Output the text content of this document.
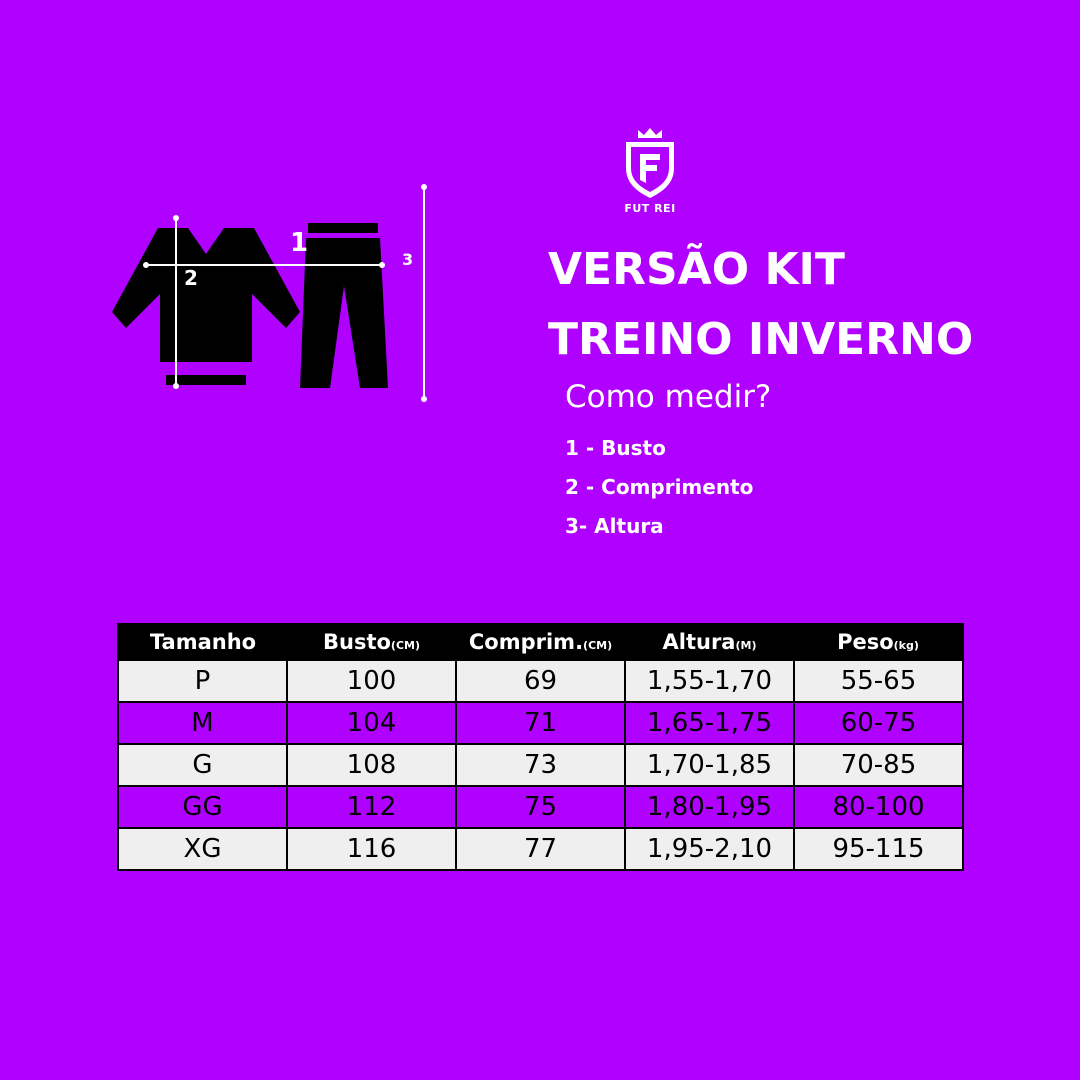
FUT REI
1
2
3	VERSÃO KIT
TREINO INVERNO
Como medir?
1 - Busto
2 - Comprimento
3- Altura
Tamanho	Busto(CM)	Comprim.(CM)	Altura(M)	Peso(kg)
P	100	69	1,55-1,70	55-65
M	104	71	1,65-1,75	60-75
G	108	73	1,70-1,85	70-85
GG	112	75	1,80-1,95	80-100
XG	116	77	1,95-2,10	95-115
